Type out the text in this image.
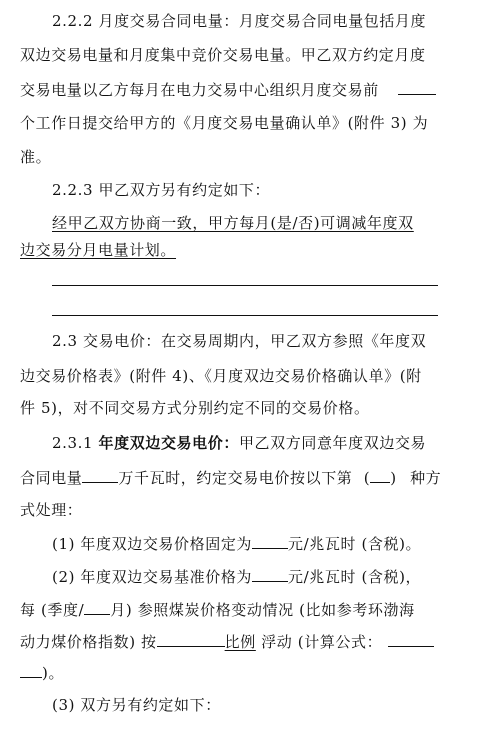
2.2.2 月度交易合同电量：月度交易合同电量包括月度
双边交易电量和月度集中竞价交易电量。甲乙双方约定月度
交易电量以乙方每月在电力交易中心组织月度交易前
个工作日提交给甲方的《月度交易电量确认单》(附件 3) 为
准。
2.2.3 甲乙双方另有约定如下：
经甲乙双方协商一致，甲方每月(是/否)可调减年度双
边交易分月电量计划。
2.3 交易电价：在交易周期内，甲乙双方参照《年度双
边交易价格表》(附件 4)、《月度双边交易价格确认单》(附
件 5)，对不同交易方式分别约定不同的交易价格。
2.3.1 年度双边交易电价：甲乙双方同意年度双边交易
合同电量 万千瓦时，约定交易电价按以下第 ( ) 种方
式处理：
(1) 年度双边交易价格固定为 元/兆瓦时 (含税)。
(2) 年度双边交易基准价格为 元/兆瓦时 (含税)，
每 (季度/ 月) 参照煤炭价格变动情况 (比如参考环渤海
动力煤价格指数) 按	比例 浮动 (计算公式：
)。
(3) 双方另有约定如下：
